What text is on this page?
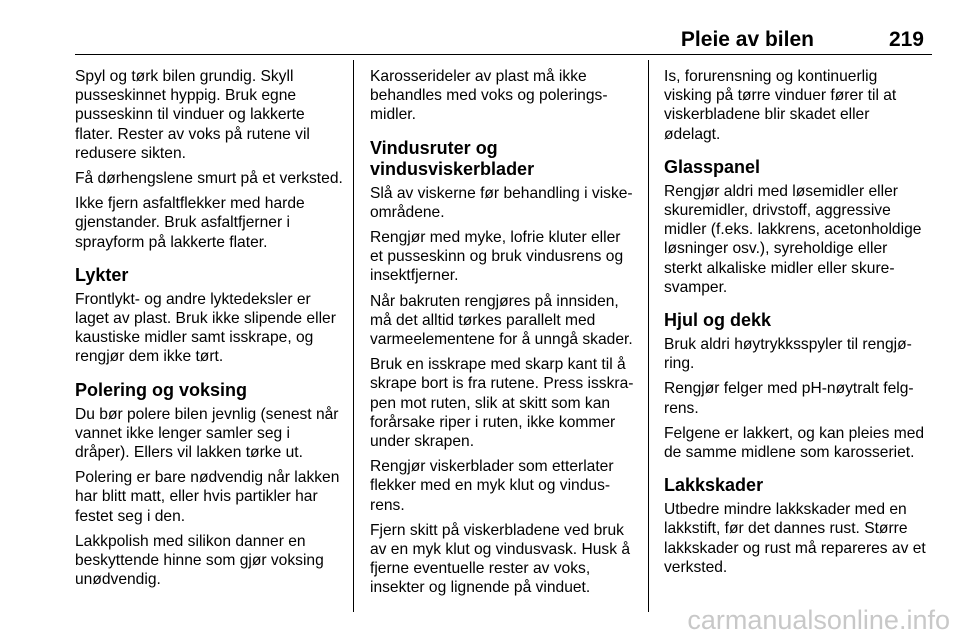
Pleie av bilen	219

Spyl og tørk bilen grundig. Skyll pusseskinnet hyppig. Bruk egne pusseskinn til vinduer og lakkerte flater. Rester av voks på rutene vil redusere sikten.

Få dørhengslene smurt på et verksted.

Ikke fjern asfaltflekker med harde gjenstander. Bruk asfaltfjerner i sprayform på lakkerte flater.

Lykter

Frontlykt- og andre lyktedeksler er laget av plast. Bruk ikke slipende eller kaustiske midler samt isskrape, og rengjør dem ikke tørt.

Polering og voksing

Du bør polere bilen jevnlig (senest når vannet ikke lenger samler seg i dråper). Ellers vil lakken tørke ut.

Polering er bare nødvendig når lakken har blitt matt, eller hvis partikler har festet seg i den.

Lakkpolish med silikon danner en beskyttende hinne som gjør voksing unødvendig.

Karosserideler av plast må ikke behandles med voks og poleringsmidler.

Vindusruter og vindusviskerblader

Slå av viskerne før behandling i viskeområdene.

Rengjør med myke, lofrie kluter eller et pusseskinn og bruk vindusrens og insektfjerner.

Når bakruten rengjøres på innsiden, må det alltid tørkes parallelt med varmeelementene for å unngå skader.

Bruk en isskrape med skarp kant til å skrape bort is fra rutene. Press isskrapen mot ruten, slik at skitt som kan forårsake riper i ruten, ikke kommer under skrapen.

Rengjør viskerblader som etterlater flekker med en myk klut og vindusrens.

Fjern skitt på viskerbladene ved bruk av en myk klut og vindusvask. Husk å fjerne eventuelle rester av voks, insekter og lignende på vinduet.

Is, forurensning og kontinuerlig visking på tørre vinduer fører til at viskerbladene blir skadet eller ødelagt.

Glasspanel

Rengjør aldri med løsemidler eller skuremidler, drivstoff, aggressive midler (f.eks. lakkrens, acetonholdige løsninger osv.), syreholdige eller sterkt alkaliske midler eller skuresvamper.

Hjul og dekk

Bruk aldri høytrykksspyler til rengjøring.

Rengjør felger med pH-nøytralt felgrens.

Felgene er lakkert, og kan pleies med de samme midlene som karosseriet.

Lakkskader

Utbedre mindre lakkskader med en lakkstift, før det dannes rust. Større lakkskader og rust må repareres av et verksted.

carmanualsonline.info
